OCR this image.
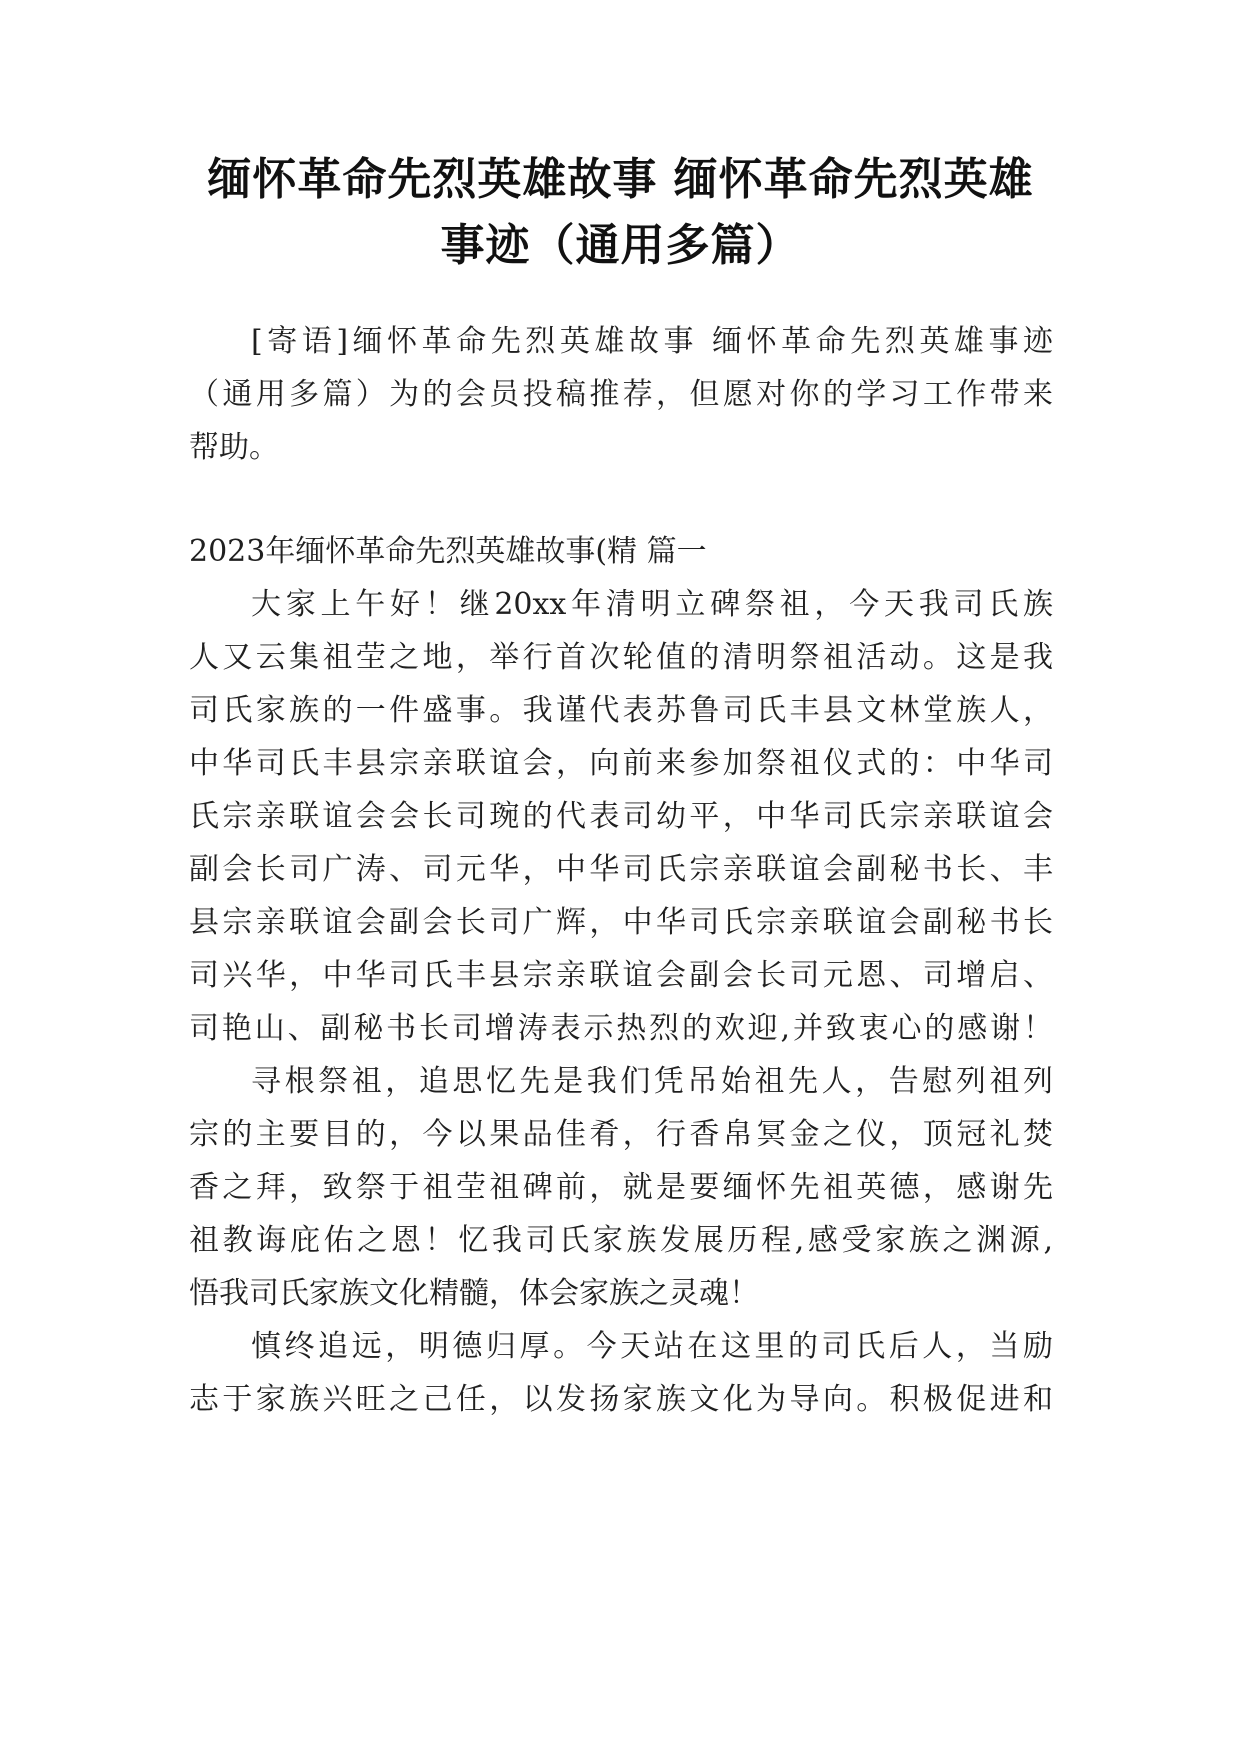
缅怀革命先烈英雄故事 缅怀革命先烈英雄
事迹（通用多篇）
[寄语]缅怀革命先烈英雄故事 缅怀革命先烈英雄事迹
（通用多篇）为的会员投稿推荐，但愿对你的学习工作带来
帮助。
2023年缅怀革命先烈英雄故事(精 篇一
大家上午好！继20xx年清明立碑祭祖，今天我司氏族
人又云集祖茔之地，举行首次轮值的清明祭祖活动。这是我
司氏家族的一件盛事。我谨代表苏鲁司氏丰县文林堂族人，
中华司氏丰县宗亲联谊会，向前来参加祭祖仪式的：中华司
氏宗亲联谊会会长司琬的代表司幼平，中华司氏宗亲联谊会
副会长司广涛、司元华，中华司氏宗亲联谊会副秘书长、丰
县宗亲联谊会副会长司广辉，中华司氏宗亲联谊会副秘书长
司兴华，中华司氏丰县宗亲联谊会副会长司元恩、司增启、
司艳山、副秘书长司增涛表示热烈的欢迎,并致衷心的感谢！
寻根祭祖，追思忆先是我们凭吊始祖先人，告慰列祖列
宗的主要目的，今以果品佳肴，行香帛冥金之仪，顶冠礼焚
香之拜，致祭于祖茔祖碑前，就是要缅怀先祖英德，感谢先
祖教诲庇佑之恩！忆我司氏家族发展历程,感受家族之渊源,
悟我司氏家族文化精髓，体会家族之灵魂！
慎终追远，明德归厚。今天站在这里的司氏后人，当励
志于家族兴旺之己任，以发扬家族文化为导向。积极促进和
